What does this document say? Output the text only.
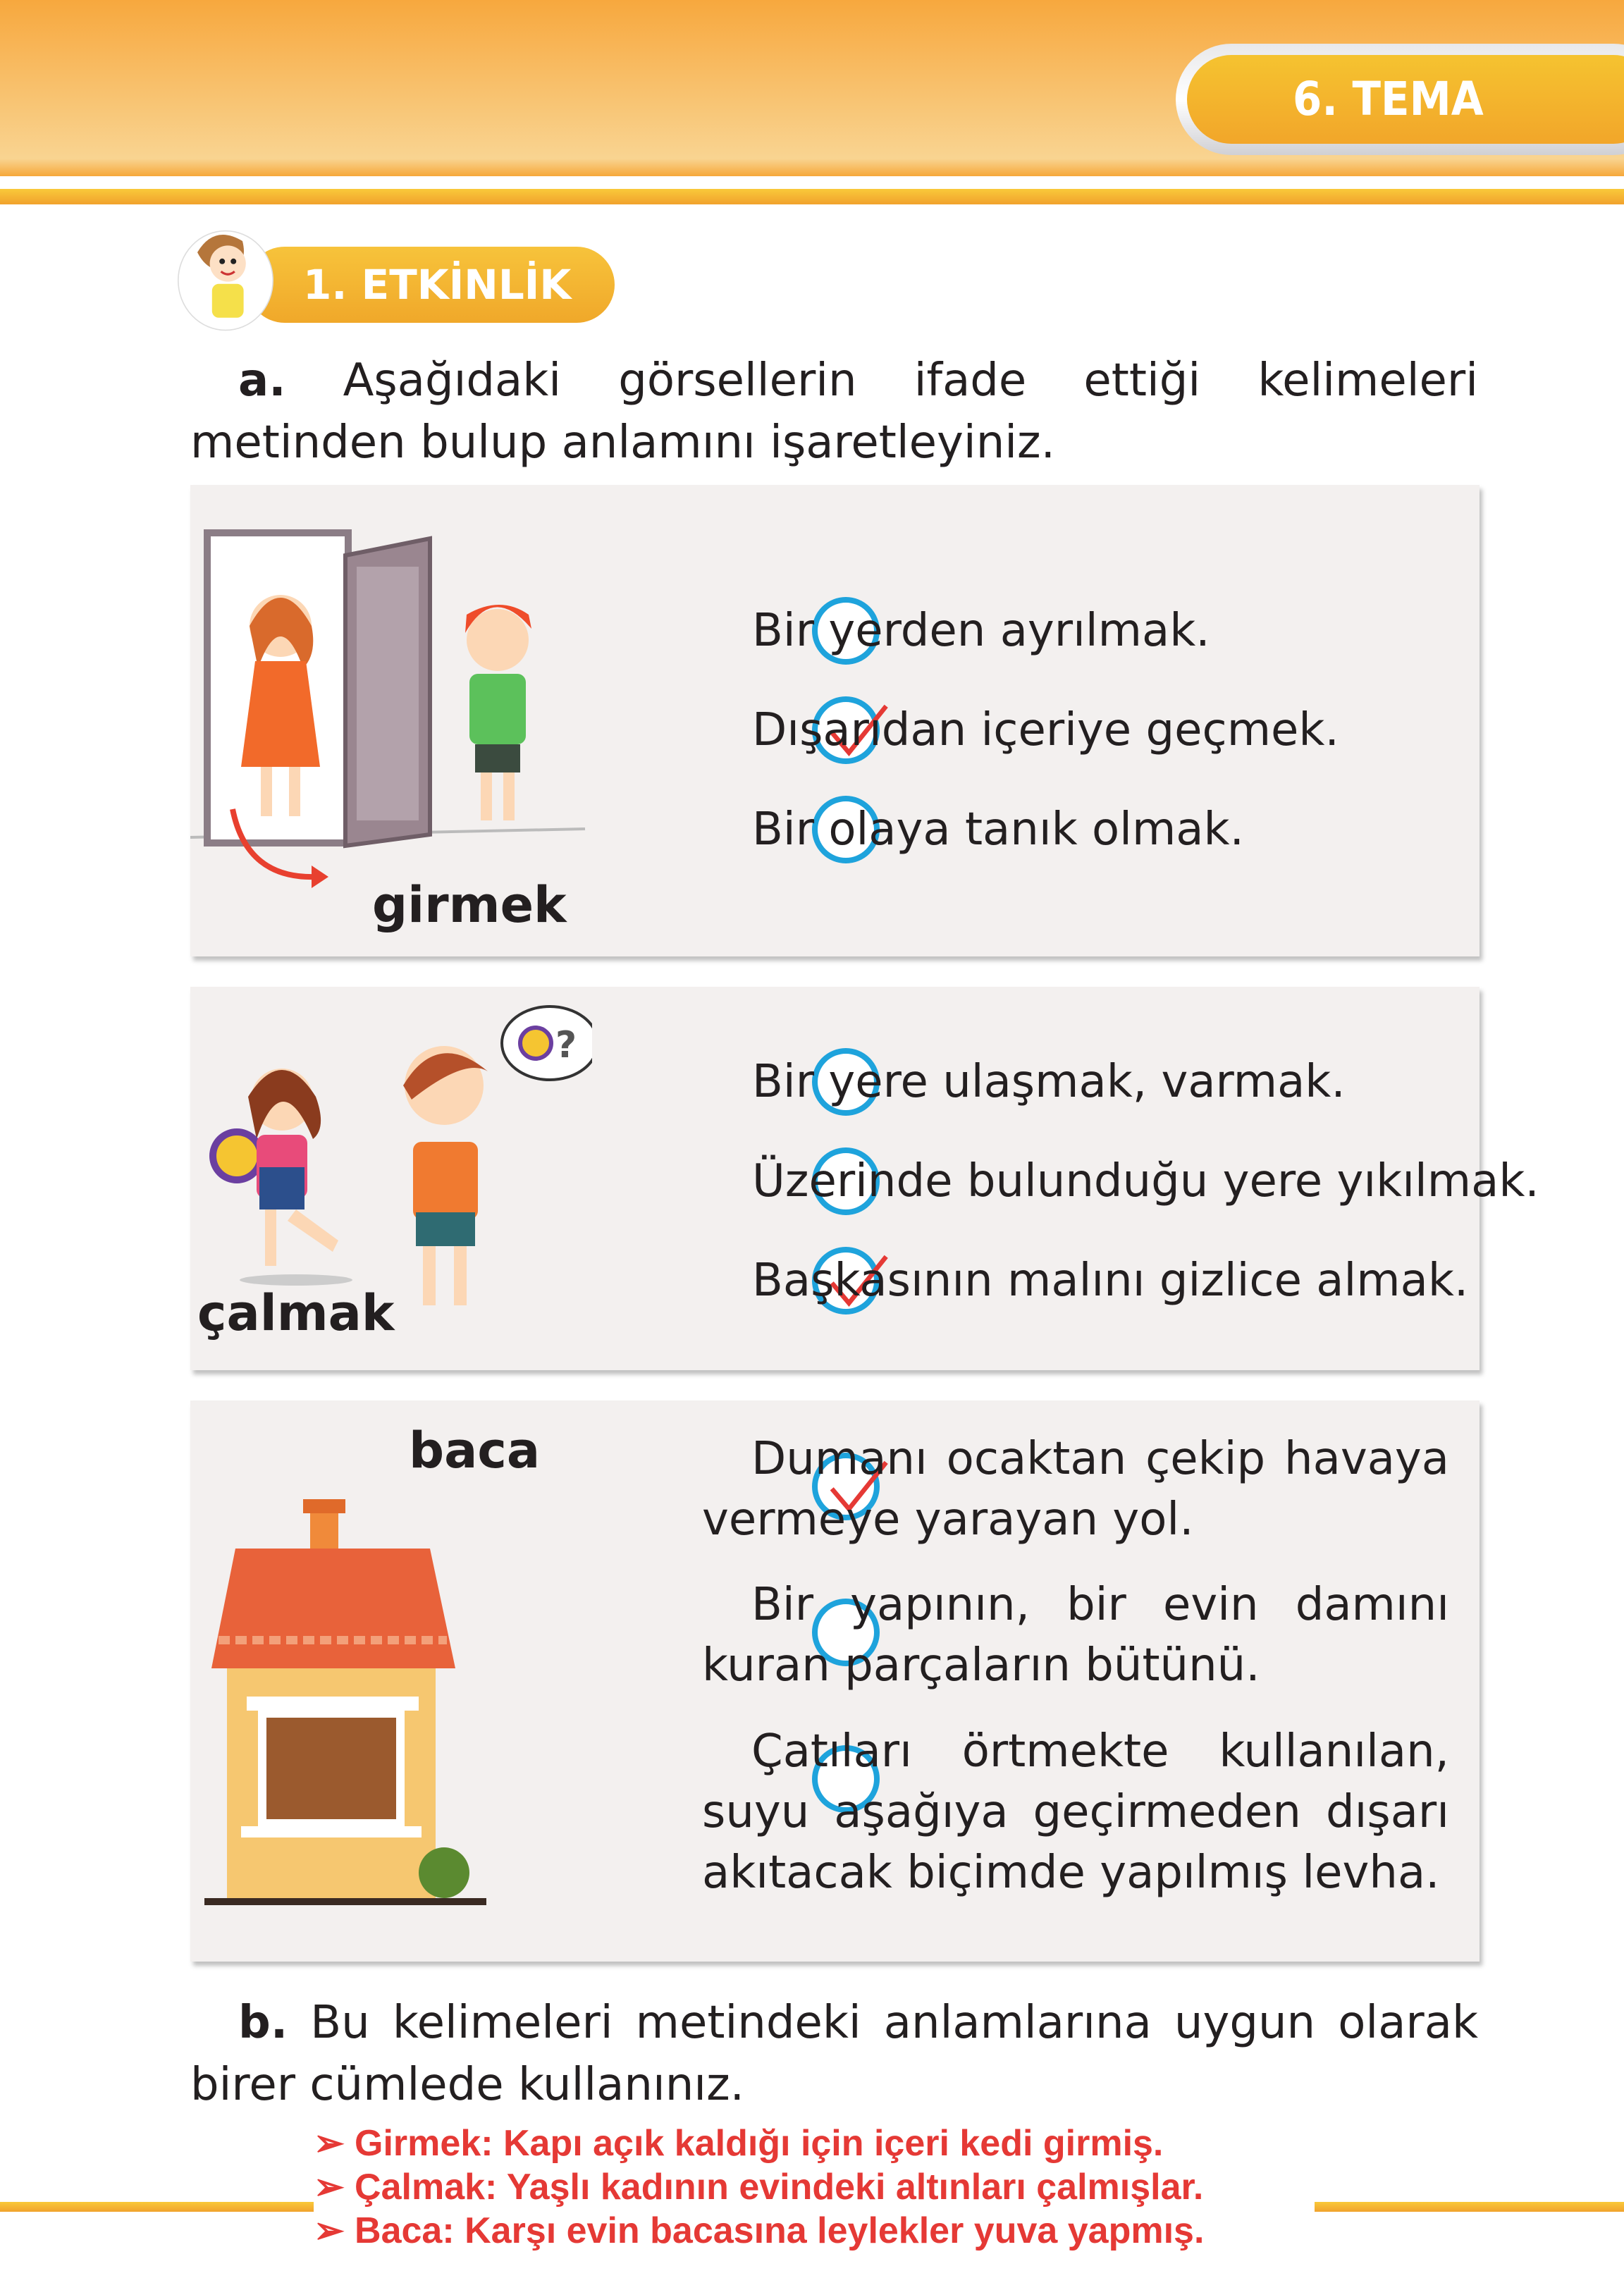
6. TEMA
1. ETKİNLİK
a. Aşağıdaki görsellerin ifade ettiği kelimeleri metinden bulup anlamını işaretleyiniz.
girmek
Bir yerden ayrılmak.
Dışarıdan içeriye geçmek.
Bir olaya tanık olmak.
?
çalmak
Bir yere ulaşmak, varmak.
Üzerinde bulunduğu yere yıkılmak.
Başkasının malını gizlice almak.
baca	Dumanı ocaktan çekip havaya vermeye yarayan yol.
Bir yapının, bir evin damını kuran parçaların bütünü.
Çatıları örtmekte kullanılan, suyu aşağıya geçirmeden dışarı akıtacak biçimde yapılmış levha.
b. Bu kelimeleri metindeki anlamlarına uygun olarak birer cümlede kullanınız.
➢ Girmek: Kapı açık kaldığı için içeri kedi girmiş.
➢ Çalmak: Yaşlı kadının evindeki altınları çalmışlar.
➢ Baca: Karşı evin bacasına leylekler yuva yapmış.
